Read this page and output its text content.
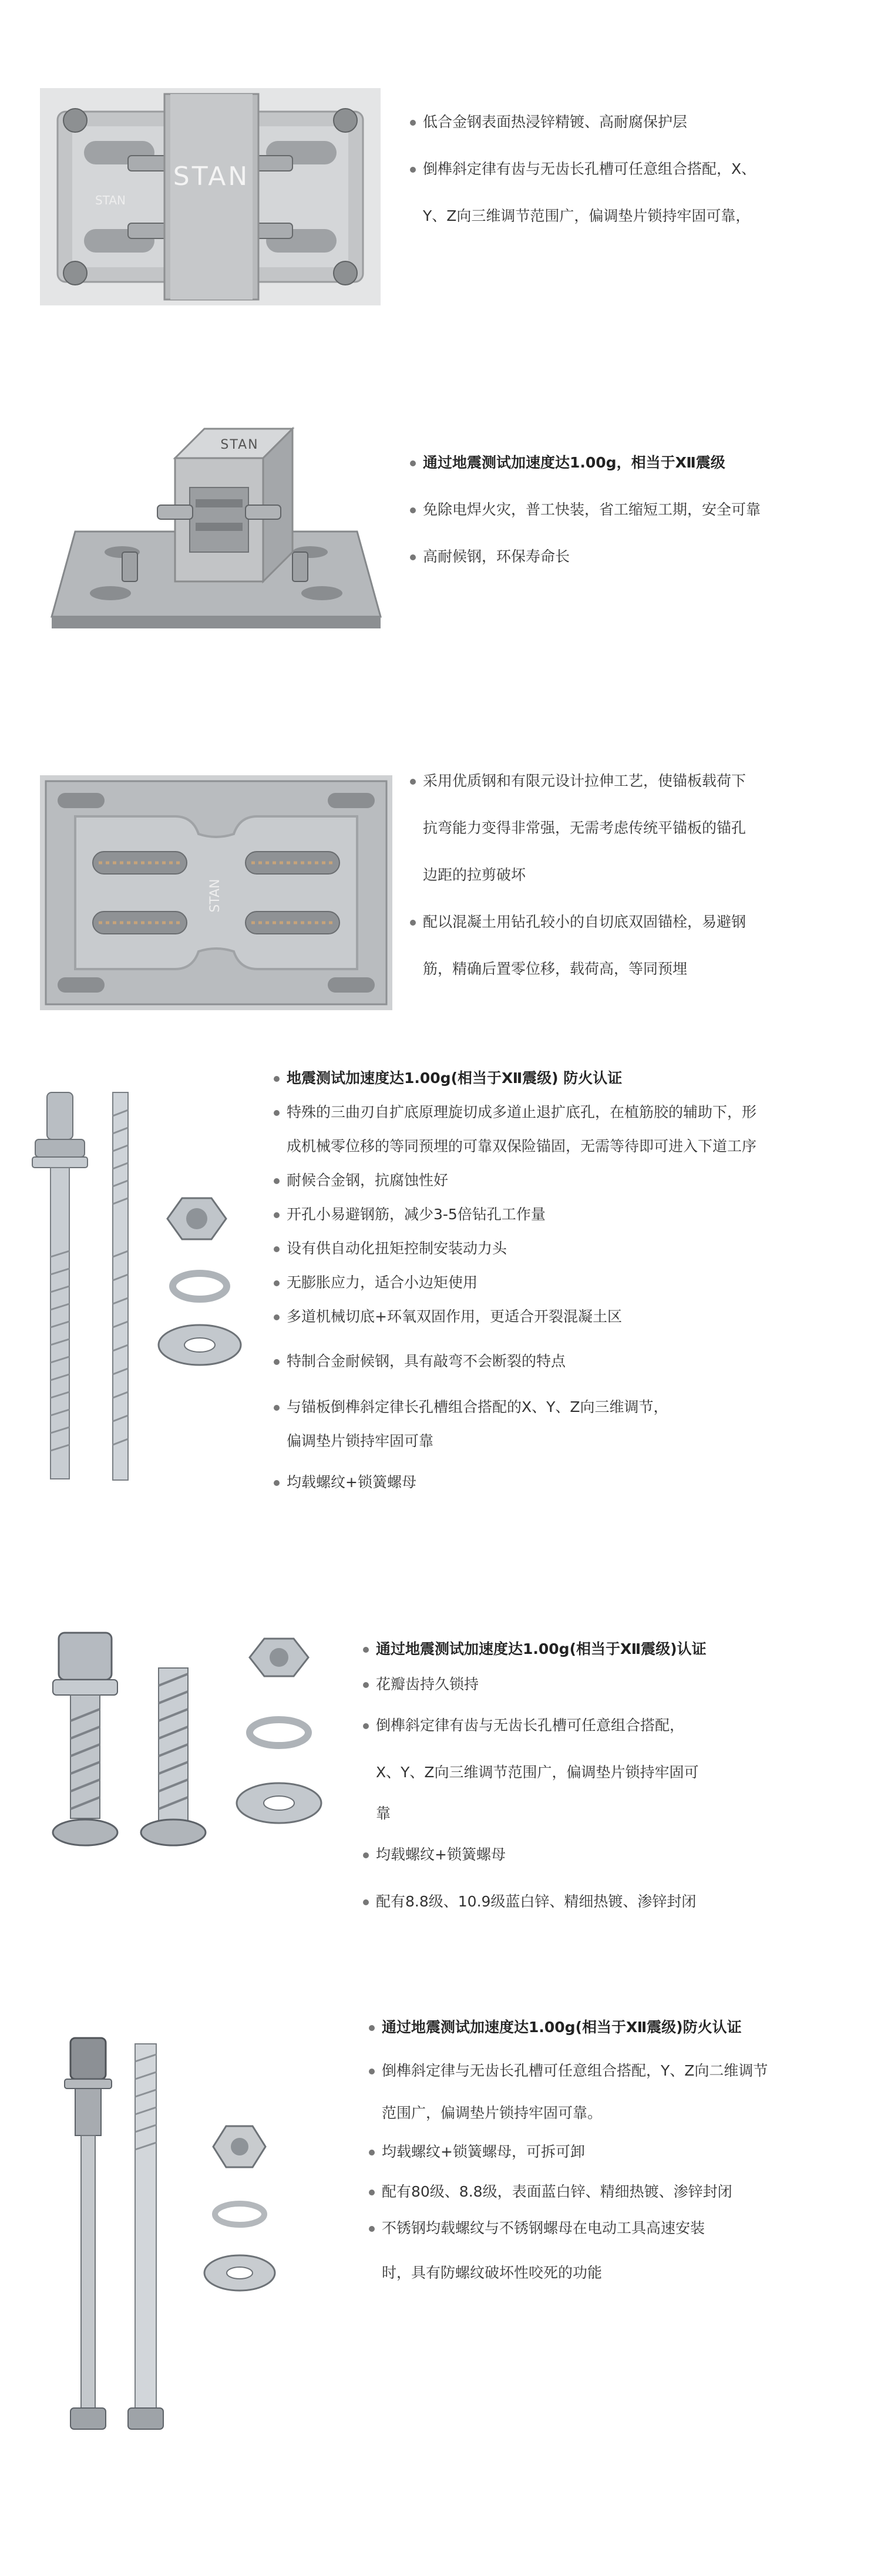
STAN
STAN
低合金钢表面热浸锌精镀、高耐腐保护层
倒榫斜定律有齿与无齿长孔槽可任意组合搭配，X、
Y、Z向三维调节范围广，偏调垫片锁持牢固可靠，
STAN
通过地震测试加速度达1.00g，相当于Ⅻ震级
免除电焊火灾，普工快装，省工缩短工期，安全可靠
高耐候钢，环保寿命长
STAN
采用优质钢和有限元设计拉伸工艺，使锚板载荷下
抗弯能力变得非常强，无需考虑传统平锚板的锚孔
边距的拉剪破坏
配以混凝土用钻孔较小的自切底双固锚栓，易避钢
筋，精确后置零位移，载荷高，等同预埋
地震测试加速度达1.00g(相当于Ⅻ震级) 防火认证
特殊的三曲刃自扩底原理旋切成多道止退扩底孔，在植筋胶的辅助下，形
成机械零位移的等同预埋的可靠双保险锚固，无需等待即可进入下道工序
耐候合金钢，抗腐蚀性好
开孔小易避钢筋，减少3-5倍钻孔工作量
设有供自动化扭矩控制安装动力头
无膨胀应力，适合小边矩使用
多道机械切底+环氧双固作用，更适合开裂混凝土区
特制合金耐候钢，具有敲弯不会断裂的特点
与锚板倒榫斜定律长孔槽组合搭配的X、Y、Z向三维调节，
偏调垫片锁持牢固可靠
均载螺纹+锁簧螺母
通过地震测试加速度达1.00g(相当于Ⅻ震级)认证
花瓣齿持久锁持
倒榫斜定律有齿与无齿长孔槽可任意组合搭配，
X、Y、Z向三维调节范围广，偏调垫片锁持牢固可
靠
均载螺纹+锁簧螺母
配有8.8级、10.9级蓝白锌、精细热镀、渗锌封闭
通过地震测试加速度达1.00g(相当于Ⅻ震级)防火认证
倒榫斜定律与无齿长孔槽可任意组合搭配，Y、Z向二维调节
范围广，偏调垫片锁持牢固可靠。
均载螺纹+锁簧螺母，可拆可卸
配有80级、8.8级，表面蓝白锌、精细热镀、渗锌封闭
不锈钢均载螺纹与不锈钢螺母在电动工具高速安装
时，具有防螺纹破坏性咬死的功能
